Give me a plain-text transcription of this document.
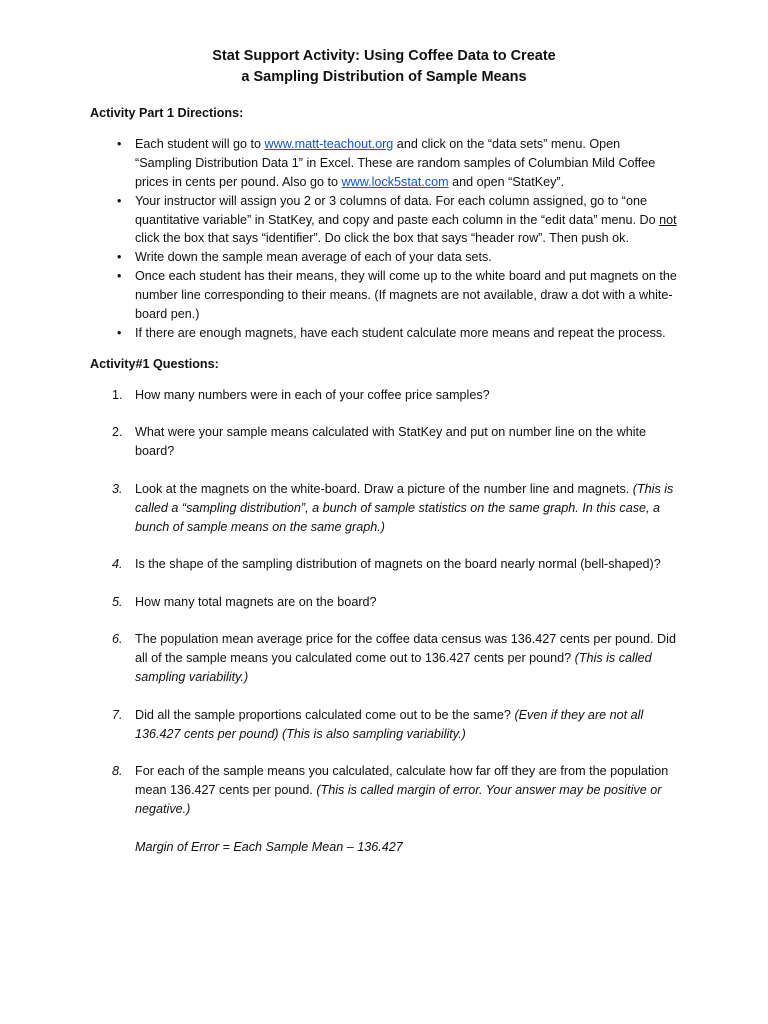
Stat Support Activity: Using Coffee Data to Create
a Sampling Distribution of Sample Means
Activity Part 1 Directions:
• Each student will go to www.matt-teachout.org and click on the “data sets” menu. Open “Sampling Distribution Data 1” in Excel. These are random samples of Columbian Mild Coffee prices in cents per pound. Also go to www.lock5stat.com and open “StatKey”.
• Your instructor will assign you 2 or 3 columns of data. For each column assigned, go to “one quantitative variable” in StatKey, and copy and paste each column in the “edit data” menu. Do not click the box that says “identifier”. Do click the box that says “header row”. Then push ok.
• Write down the sample mean average of each of your data sets.
• Once each student has their means, they will come up to the white board and put magnets on the number line corresponding to their means. (If magnets are not available, draw a dot with a white-board pen.)
• If there are enough magnets, have each student calculate more means and repeat the process.
Activity#1 Questions:
1. How many numbers were in each of your coffee price samples?
2. What were your sample means calculated with StatKey and put on number line on the white board?
3. Look at the magnets on the white-board. Draw a picture of the number line and magnets. (This is called a “sampling distribution”, a bunch of sample statistics on the same graph. In this case, a bunch of sample means on the same graph.)
4. Is the shape of the sampling distribution of magnets on the board nearly normal (bell-shaped)?
5. How many total magnets are on the board?
6. The population mean average price for the coffee data census was 136.427 cents per pound. Did all of the sample means you calculated come out to 136.427 cents per pound? (This is called sampling variability.)
7. Did all the sample proportions calculated come out to be the same? (Even if they are not all 136.427 cents per pound) (This is also sampling variability.)
8. For each of the sample means you calculated, calculate how far off they are from the population mean 136.427 cents per pound. (This is called margin of error. Your answer may be positive or negative.)
Margin of Error = Each Sample Mean – 136.427
